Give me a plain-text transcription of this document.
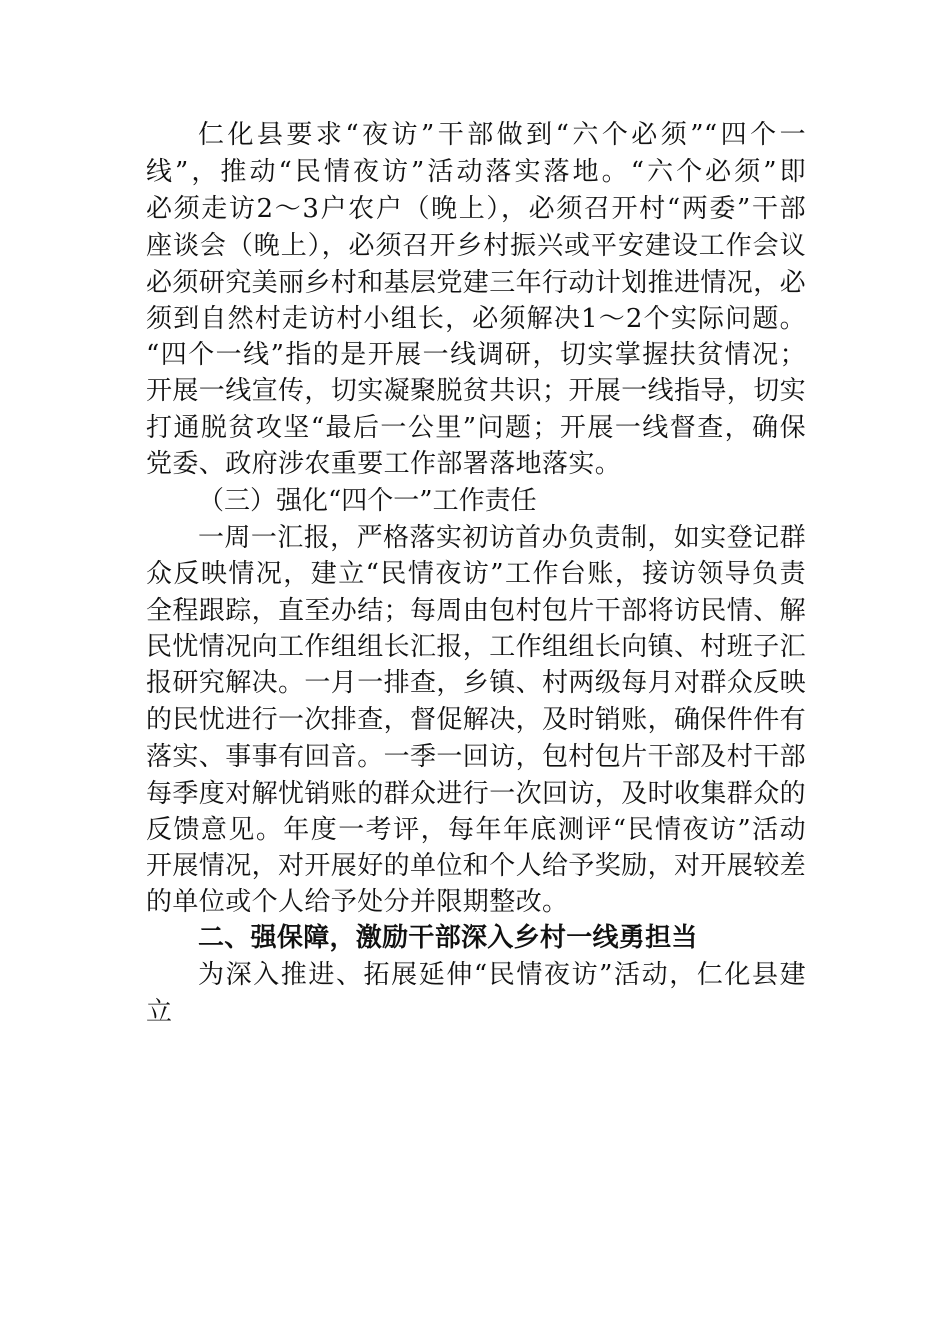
仁化县要求“夜访”干部做到“六个必须”“四个一
线”，推动“民情夜访”活动落实落地。“六个必须”即
必须走访2～3户农户（晚上），必须召开村“两委”干部
座谈会（晚上），必须召开乡村振兴或平安建设工作会议
必须研究美丽乡村和基层党建三年行动计划推进情况，必
须到自然村走访村小组长，必须解决1～2个实际问题。
“四个一线”指的是开展一线调研，切实掌握扶贫情况；
开展一线宣传，切实凝聚脱贫共识；开展一线指导，切实
打通脱贫攻坚“最后一公里”问题；开展一线督查，确保
党委、政府涉农重要工作部署落地落实。
（三）强化“四个一”工作责任
一周一汇报，严格落实初访首办负责制，如实登记群
众反映情况，建立“民情夜访”工作台账，接访领导负责
全程跟踪，直至办结；每周由包村包片干部将访民情、解
民忧情况向工作组组长汇报，工作组组长向镇、村班子汇
报研究解决。一月一排查，乡镇、村两级每月对群众反映
的民忧进行一次排查，督促解决，及时销账，确保件件有
落实、事事有回音。一季一回访，包村包片干部及村干部
每季度对解忧销账的群众进行一次回访，及时收集群众的
反馈意见。年度一考评，每年年底测评“民情夜访”活动
开展情况，对开展好的单位和个人给予奖励，对开展较差
的单位或个人给予处分并限期整改。
二、强保障，激励干部深入乡村一线勇担当
为深入推进、拓展延伸“民情夜访”活动，仁化县建
立
